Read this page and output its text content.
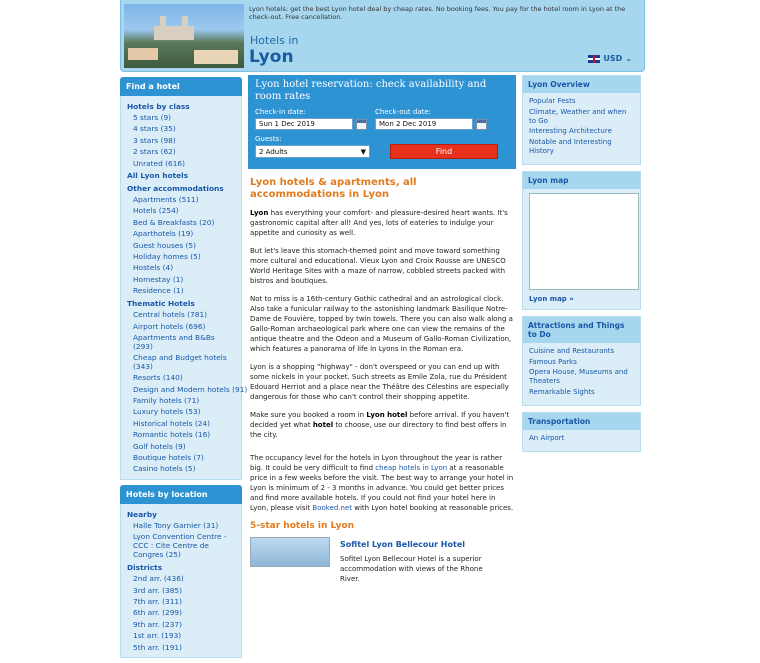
Lyon hotels: get the best Lyon hotel deal by cheap rates. No booking fees. You pay for the hotel room in Lyon at the check-out. Free cancellation.
Hotels in
Lyon	USD ⌄
Find a hotel
Hotels by class
5 stars (9)
4 stars (35)
3 stars (98)
2 stars (62)
Unrated (616)
All Lyon hotels
Other accommodations
Apartments (511)
Hotels (254)
Bed & Breakfasts (20)
Aparthotels (19)
Guest houses (5)
Holiday homes (5)
Hostels (4)
Homestay (1)
Residence (1)
Thematic Hotels
Central hotels (781)
Airport hotels (696)
Apartments and B&Bs (293)
Cheap and Budget hotels (343)
Resorts (140)
Design and Modern hotels (91)
Family hotels (71)
Luxury hotels (53)
Historical hotels (24)
Romantic hotels (16)
Golf hotels (9)
Boutique hotels (7)
Casino hotels (5)
Hotels by location
Nearby
Halle Tony Garnier (31)
Lyon Convention Centre - CCC : Cite Centre de Congres (25)
Districts
2nd arr. (436)
3rd arr. (385)
7th arr. (311)
6th arr. (299)
9th arr. (237)
1st arr. (193)
5th arr. (191)
Lyon hotel reservation: check availability and room rates
Check-in date:
Sun 1 Dec 2019
Check-out date:
Mon 2 Dec 2019
Guests:
2 Adults	▼	Find
Lyon hotels & apartments, all accommodations in Lyon

Lyon has everything your comfort- and pleasure-desired heart wants. It's gastronomic capital after all! And yes, lots of eateries to indulge your appetite and curiosity as well.

But let's leave this stomach-themed point and move toward something more cultural and educational. Vieux Lyon and Croix Rousse are UNESCO World Heritage Sites with a maze of narrow, cobbled streets packed with bistros and boutiques.

Not to miss is a 16th-century Gothic cathedral and an astrological clock. Also take a funicular railway to the astonishing landmark Basilique Notre-Dame de Fouvière, topped by twin towels. There you can also walk along a Gallo-Roman archaeological park where one can view the remains of the antique theatre and the Odeon and a Museum of Gallo-Roman Civilization, which features a panorama of life in Lyons in the Roman era.

Lyon is a shopping "highway" - don't overspeed or you can end up with some nickels in your pocket. Such streets as Emile Zola, rue du Président Edouard Herriot and a place near the Théâtre des Célestins are especially dangerous for those who can't control their shopping appetite.

Make sure you booked a room in Lyon hotel before arrival. If you haven't decided yet what hotel to choose, use our directory to find best offers in the city.

The occupancy level for the hotels in Lyon throughout the year is rather big. It could be very difficult to find cheap hotels in Lyon at a reasonable price in a few weeks before the visit. The best way to arrange your hotel in Lyon is minimum of 2 - 3 months in advance. You could get better prices and find more available hotels. If you could not find your hotel here in Lyon, please visit Booked.net with Lyon hotel booking at reasonable prices.

5-star hotels in Lyon
Sofitel Lyon Bellecour Hotel
Sofitel Lyon Bellecour Hotel is a superior accommodation with views of the Rhone River.
Lyon Overview
Popular Fests
Climate, Weather and when to Go
Interesting Architecture
Notable and Interesting History
Lyon map
Lyon map »
Attractions and Things to Do
Cuisine and Restaurants
Famous Parks
Opera House, Museums and Theaters
Remarkable Sights
Transportation
An Airport
